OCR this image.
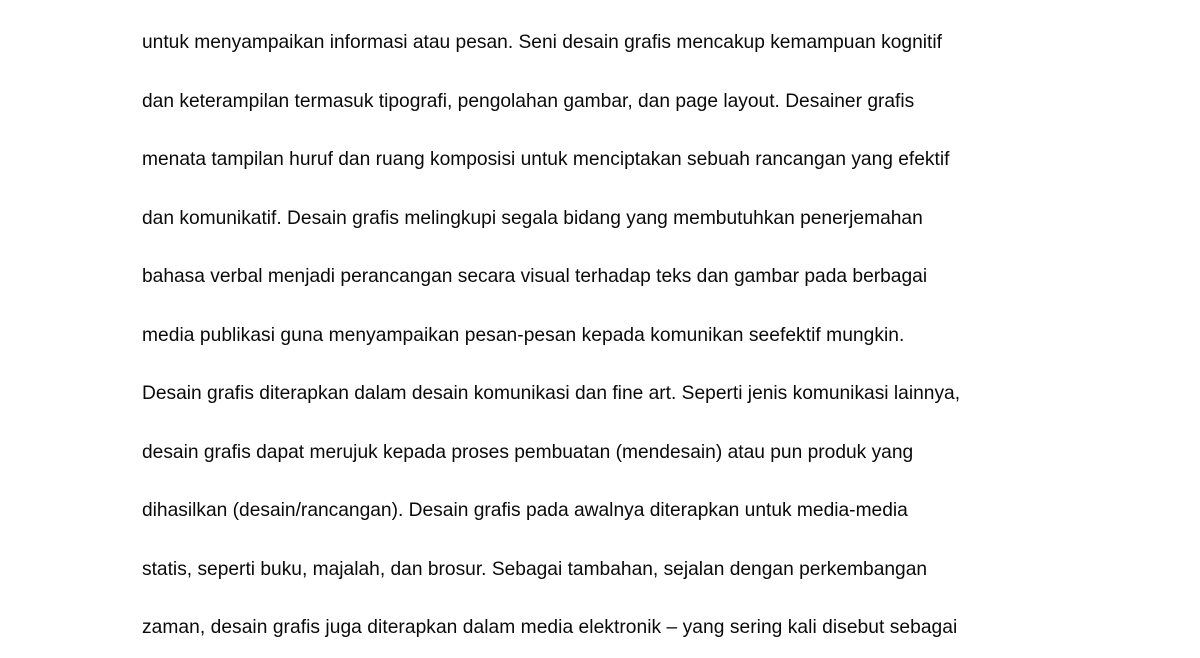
untuk menyampaikan informasi atau pesan. Seni desain grafis mencakup kemampuan kognitif
dan keterampilan termasuk tipografi, pengolahan gambar, dan page layout. Desainer grafis
menata tampilan huruf dan ruang komposisi untuk menciptakan sebuah rancangan yang efektif
dan komunikatif. Desain grafis melingkupi segala bidang yang membutuhkan penerjemahan
bahasa verbal menjadi perancangan secara visual terhadap teks dan gambar pada berbagai
media publikasi guna menyampaikan pesan-pesan kepada komunikan seefektif mungkin.

Desain grafis diterapkan dalam desain komunikasi dan fine art. Seperti jenis komunikasi lainnya,
desain grafis dapat merujuk kepada proses pembuatan (mendesain) atau pun produk yang
dihasilkan (desain/rancangan). Desain grafis pada awalnya diterapkan untuk media-media
statis, seperti buku, majalah, dan brosur. Sebagai tambahan, sejalan dengan perkembangan
zaman, desain grafis juga diterapkan dalam media elektronik – yang sering kali disebut sebagai
